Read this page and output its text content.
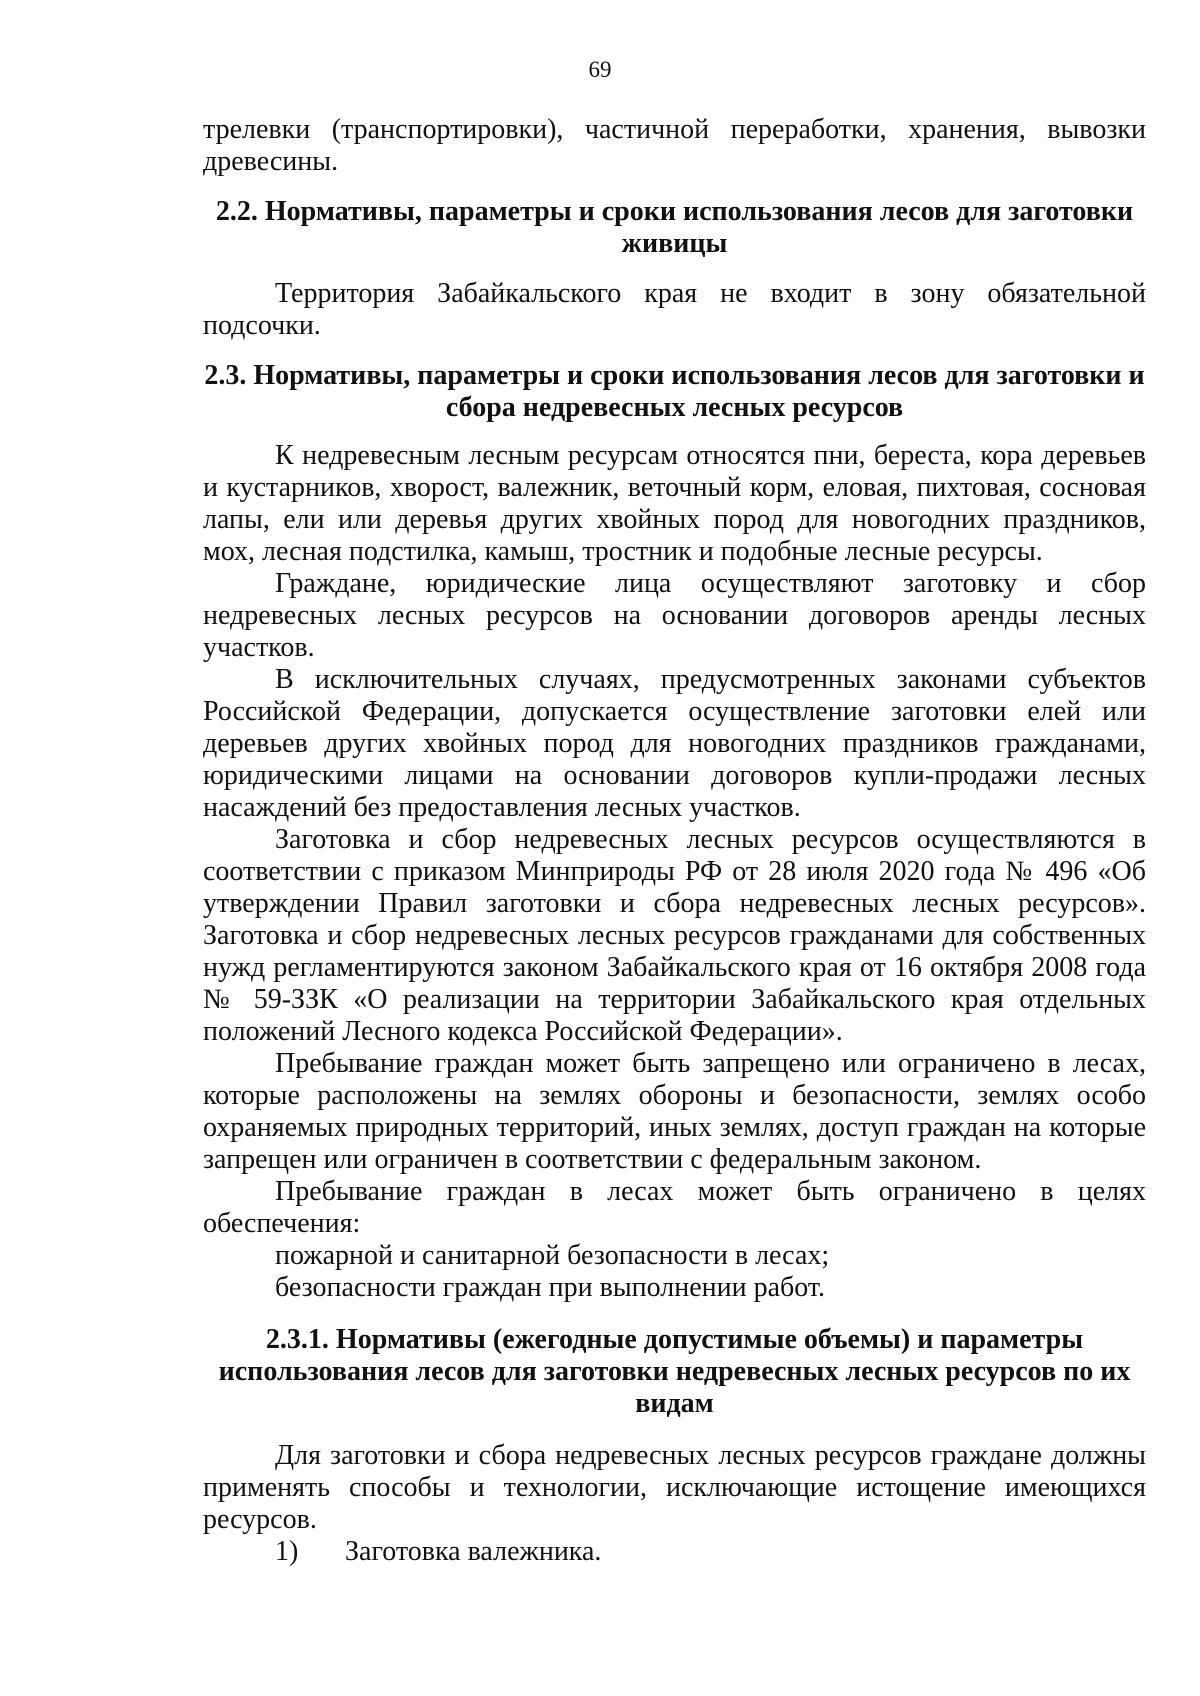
69

трелевки (транспортировки), частичной переработки, хранения, вывозки древесины.

2.2. Нормативы, параметры и сроки использования лесов для заготовки живицы

Территория Забайкальского края не входит в зону обязательной подсочки.

2.3. Нормативы, параметры и сроки использования лесов для заготовки и сбора недревесных лесных ресурсов

К недревесным лесным ресурсам относятся пни, береста, кора деревьев и кустарников, хворост, валежник, веточный корм, еловая, пихтовая, сосновая лапы, ели или деревья других хвойных пород для новогодних праздников, мох, лесная подстилка, камыш, тростник и подобные лесные ресурсы.

Граждане, юридические лица осуществляют заготовку и сбор недревесных лесных ресурсов на основании договоров аренды лесных участков.

В исключительных случаях, предусмотренных законами субъектов Российской Федерации, допускается осуществление заготовки елей или деревьев других хвойных пород для новогодних праздников гражданами, юридическими лицами на основании договоров купли-продажи лесных насаждений без предоставления лесных участков.

Заготовка и сбор недревесных лесных ресурсов осуществляются в соответствии с приказом Минприроды РФ от 28 июля 2020 года № 496 «Об утверждении Правил заготовки и сбора недревесных лесных ресурсов». Заготовка и сбор недревесных лесных ресурсов гражданами для собственных нужд регламентируются законом Забайкальского края от 16 октября 2008 года № 59-ЗЗК «О реализации на территории Забайкальского края отдельных положений Лесного кодекса Российской Федерации».

Пребывание граждан может быть запрещено или ограничено в лесах, которые расположены на землях обороны и безопасности, землях особо охраняемых природных территорий, иных землях, доступ граждан на которые запрещен или ограничен в соответствии с федеральным законом.

Пребывание граждан в лесах может быть ограничено в целях обеспечения:

пожарной и санитарной безопасности в лесах;
безопасности граждан при выполнении работ.
2.3.1. Нормативы (ежегодные допустимые объемы) и параметры использования лесов для заготовки недревесных лесных ресурсов по их видам

Для заготовки и сбора недревесных лесных ресурсов граждане должны применять способы и технологии, исключающие истощение имеющихся ресурсов.

1)	Заготовка валежника.
